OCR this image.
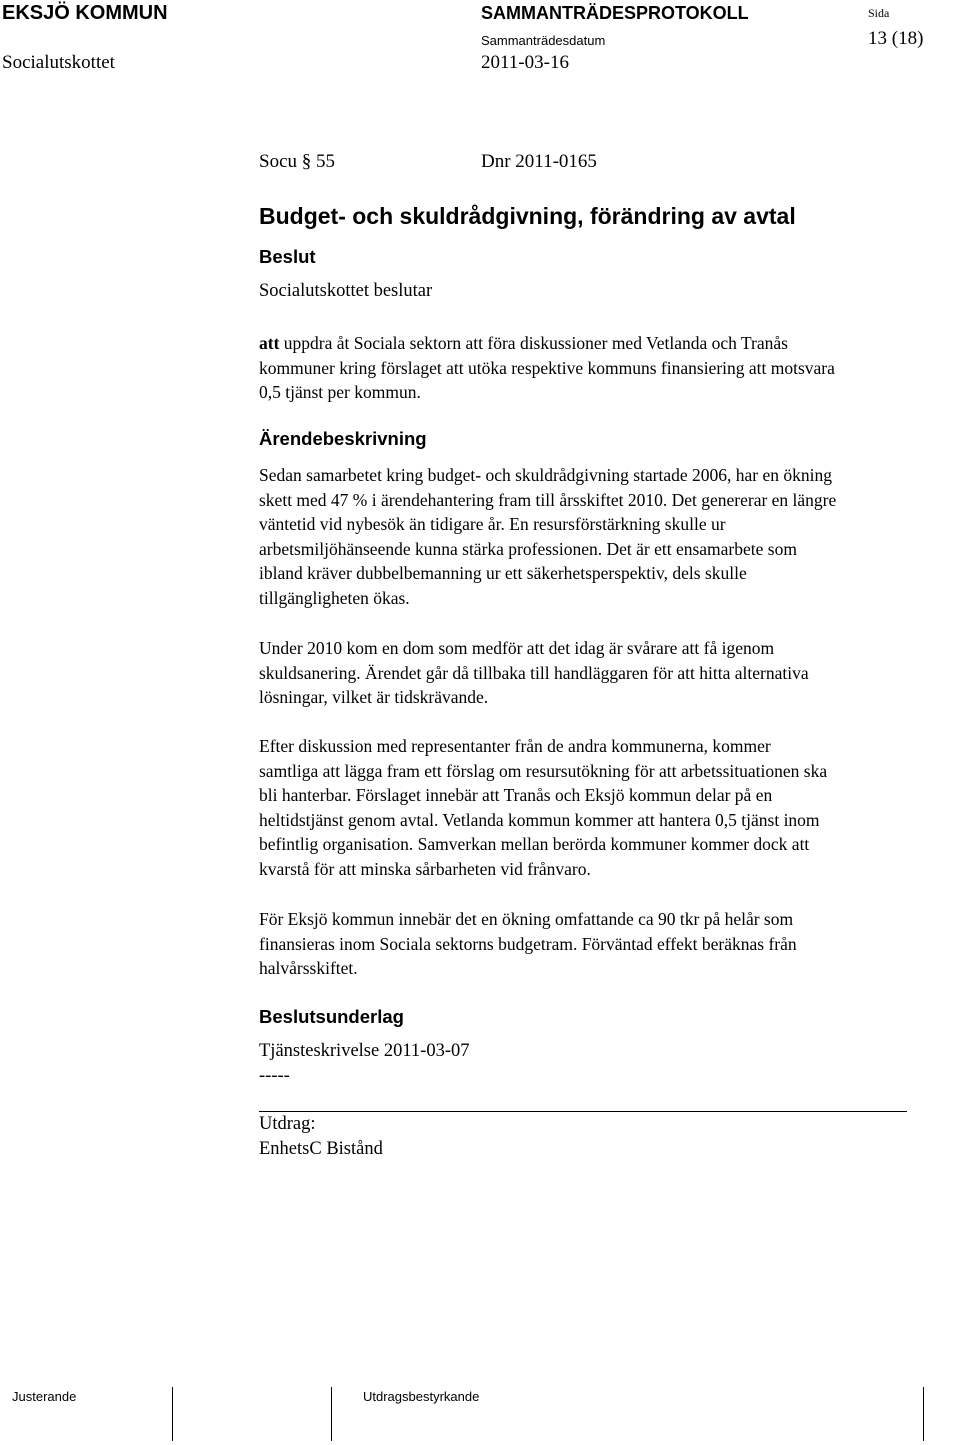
EKSJÖ KOMMUN
Socialutskottet
SAMMANTRÄDESPROTOKOLL
Sammanträdesdatum
2011-03-16
Sida
13 (18)
Socu § 55	Dnr 2011-0165
Budget- och skuldrådgivning, förändring av avtal
Beslut
Socialutskottet beslutar

att uppdra åt Sociala sektorn att föra diskussioner med Vetlanda och Tranås

kommuner kring förslaget att utöka respektive kommuns finansiering att motsvara

0,5 tjänst per kommun.

Ärendebeskrivning

Sedan samarbetet kring budget- och skuldrådgivning startade 2006, har en ökning

skett med 47 % i ärendehantering fram till årsskiftet 2010. Det genererar en längre

väntetid vid nybesök än tidigare år. En resursförstärkning skulle ur

arbetsmiljöhänseende kunna stärka professionen. Det är ett ensamarbete som

ibland kräver dubbelbemanning ur ett säkerhetsperspektiv, dels skulle

tillgängligheten ökas.

Under 2010 kom en dom som medför att det idag är svårare att få igenom

skuldsanering. Ärendet går då tillbaka till handläggaren för att hitta alternativa

lösningar, vilket är tidskrävande.

Efter diskussion med representanter från de andra kommunerna, kommer

samtliga att lägga fram ett förslag om resursutökning för att arbetssituationen ska

bli hanterbar. Förslaget innebär att Tranås och Eksjö kommun delar på en

heltidstjänst genom avtal. Vetlanda kommun kommer att hantera 0,5 tjänst inom

befintlig organisation. Samverkan mellan berörda kommuner kommer dock att

kvarstå för att minska sårbarheten vid frånvaro.

För Eksjö kommun innebär det en ökning omfattande ca 90 tkr på helår som

finansieras inom Sociala sektorns budgetram. Förväntad effekt beräknas från

halvårsskiftet.

Beslutsunderlag
Tjänsteskrivelse 2011-03-07
-----
Utdrag:
EnhetsC Bistånd
Justerande	Utdragsbestyrkande
